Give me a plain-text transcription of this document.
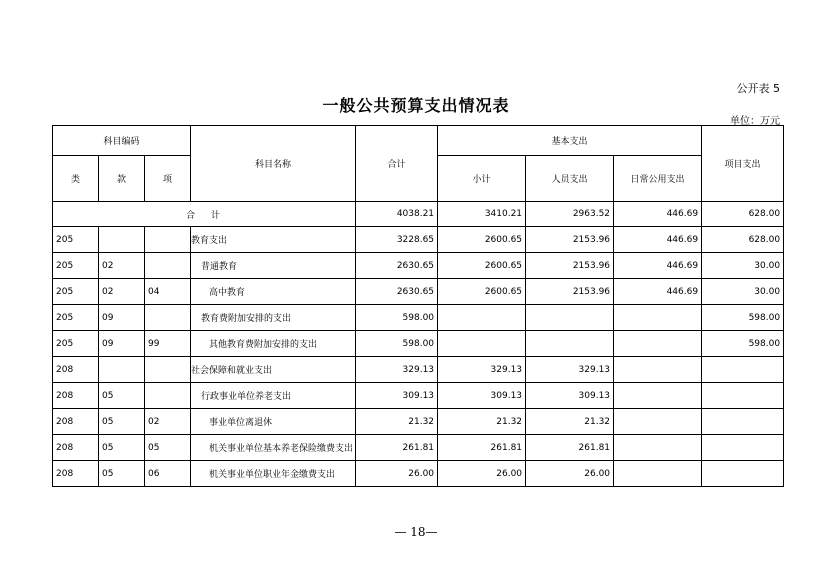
公开表 5
一般公共预算支出情况表
单位：万元
科目编码			科目名称	合计	基本支出			项目支出
类	款	项			小计	人员支出	日常公用支出	
合 计				4038.21	3410.21	2963.52	446.69	628.00
205			教育支出	3228.65	2600.65	2153.96	446.69	628.00
205	02		普通教育	2630.65	2600.65	2153.96	446.69	30.00
205	02	04	高中教育	2630.65	2600.65	2153.96	446.69	30.00
205	09		教育费附加安排的支出	598.00				598.00
205	09	99	其他教育费附加安排的支出	598.00				598.00
208			社会保障和就业支出	329.13	329.13	329.13		
208	05		行政事业单位养老支出	309.13	309.13	309.13		
208	05	02	事业单位离退休	21.32	21.32	21.32		
208	05	05	机关事业单位基本养老保险缴费支出	261.81	261.81	261.81		
208	05	06	机关事业单位职业年金缴费支出	26.00	26.00	26.00		
— 18—
